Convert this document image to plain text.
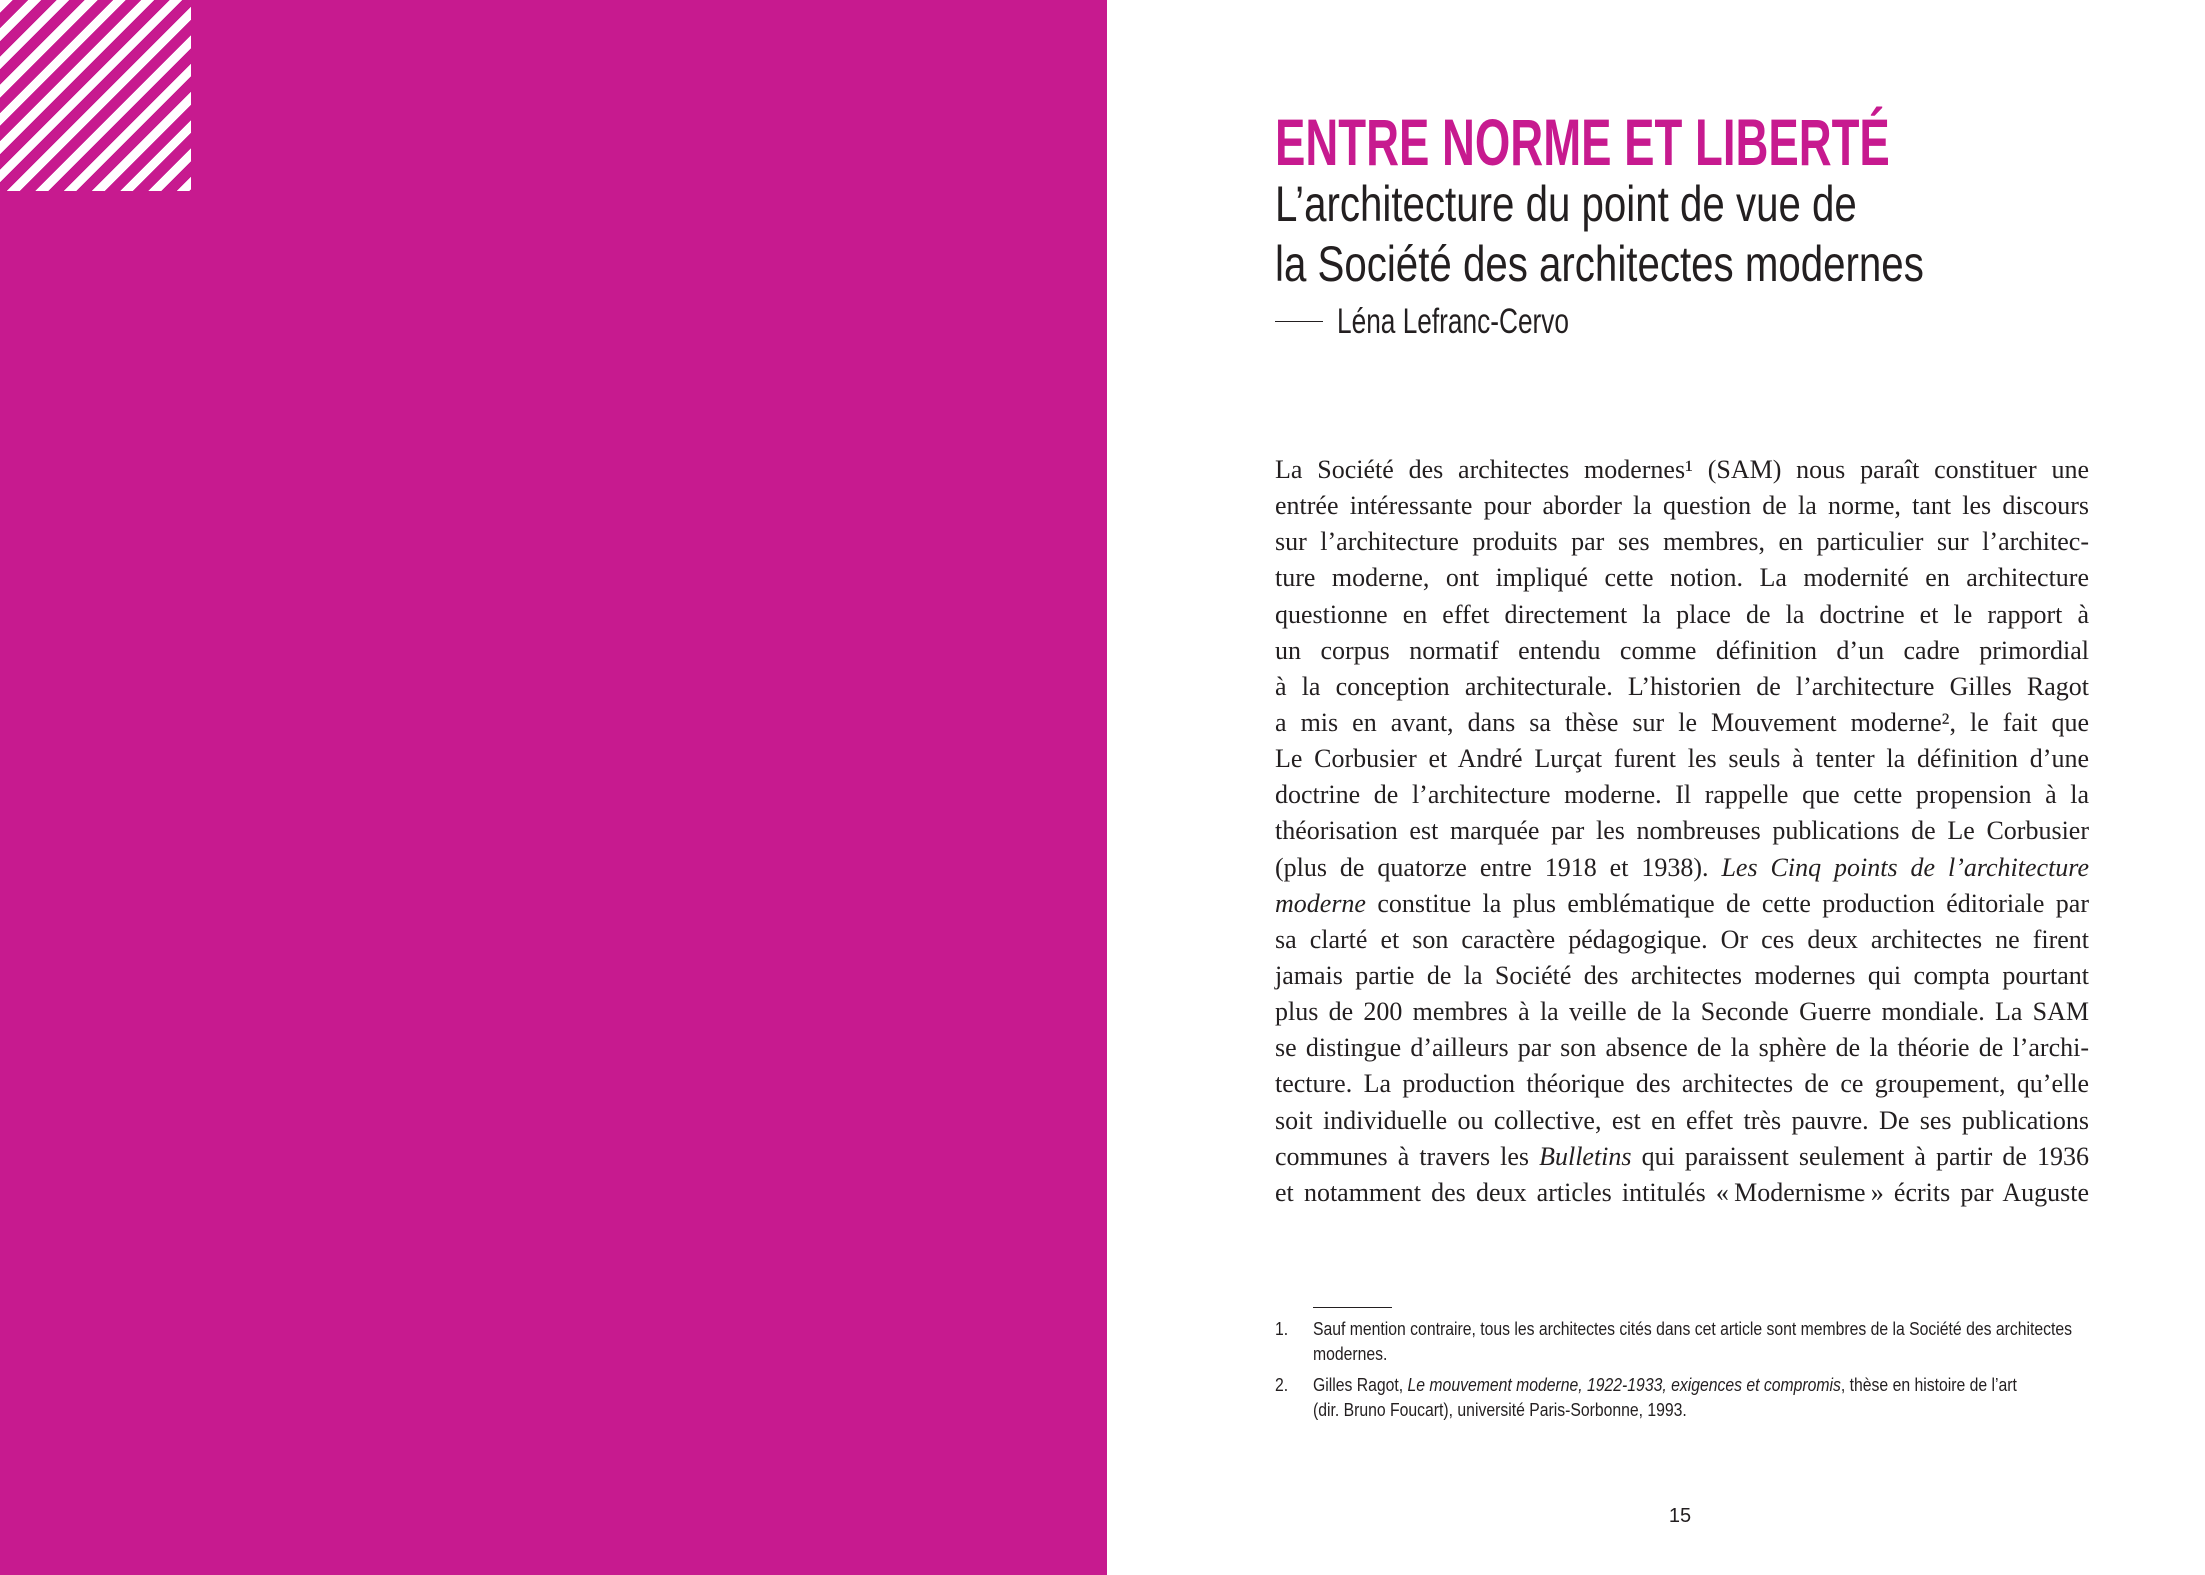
ENTRE NORME ET LIBERTÉ
L’architecture du point de vue de
la Société des architectes modernes
Léna Lefranc-Cervo
La Société des architectes modernes¹ (SAM) nous paraît constituer une
entrée intéressante pour aborder la question de la norme, tant les discours
sur l’architecture produits par ses membres, en particulier sur l’architec-
ture moderne, ont impliqué cette notion. La modernité en architecture
questionne en effet directement la place de la doctrine et le rapport à
un corpus normatif entendu comme définition d’un cadre primordial
à la conception architecturale. L’historien de l’architecture Gilles Ragot
a mis en avant, dans sa thèse sur le Mouvement moderne², le fait que
Le Corbusier et André Lurçat furent les seuls à tenter la définition d’une
doctrine de l’architecture moderne. Il rappelle que cette propension à la
théorisation est marquée par les nombreuses publications de Le Corbusier
(plus de quatorze entre 1918 et 1938). Les Cinq points de l’architecture
moderne constitue la plus emblématique de cette production éditoriale par
sa clarté et son caractère pédagogique. Or ces deux architectes ne firent
jamais partie de la Société des architectes modernes qui compta pourtant
plus de 200 membres à la veille de la Seconde Guerre mondiale. La SAM
se distingue d’ailleurs par son absence de la sphère de la théorie de l’archi-
tecture. La production théorique des architectes de ce groupement, qu’elle
soit individuelle ou collective, est en effet très pauvre. De ses publications
communes à travers les Bulletins qui paraissent seulement à partir de 1936
et notamment des deux articles intitulés « Modernisme » écrits par Auguste
1. Sauf mention contraire, tous les architectes cités dans cet article sont membres de la Société des architectes
modernes.
2. Gilles Ragot, Le mouvement moderne, 1922-1933, exigences et compromis, thèse en histoire de l’art
(dir. Bruno Foucart), université Paris-Sorbonne, 1993.
15
